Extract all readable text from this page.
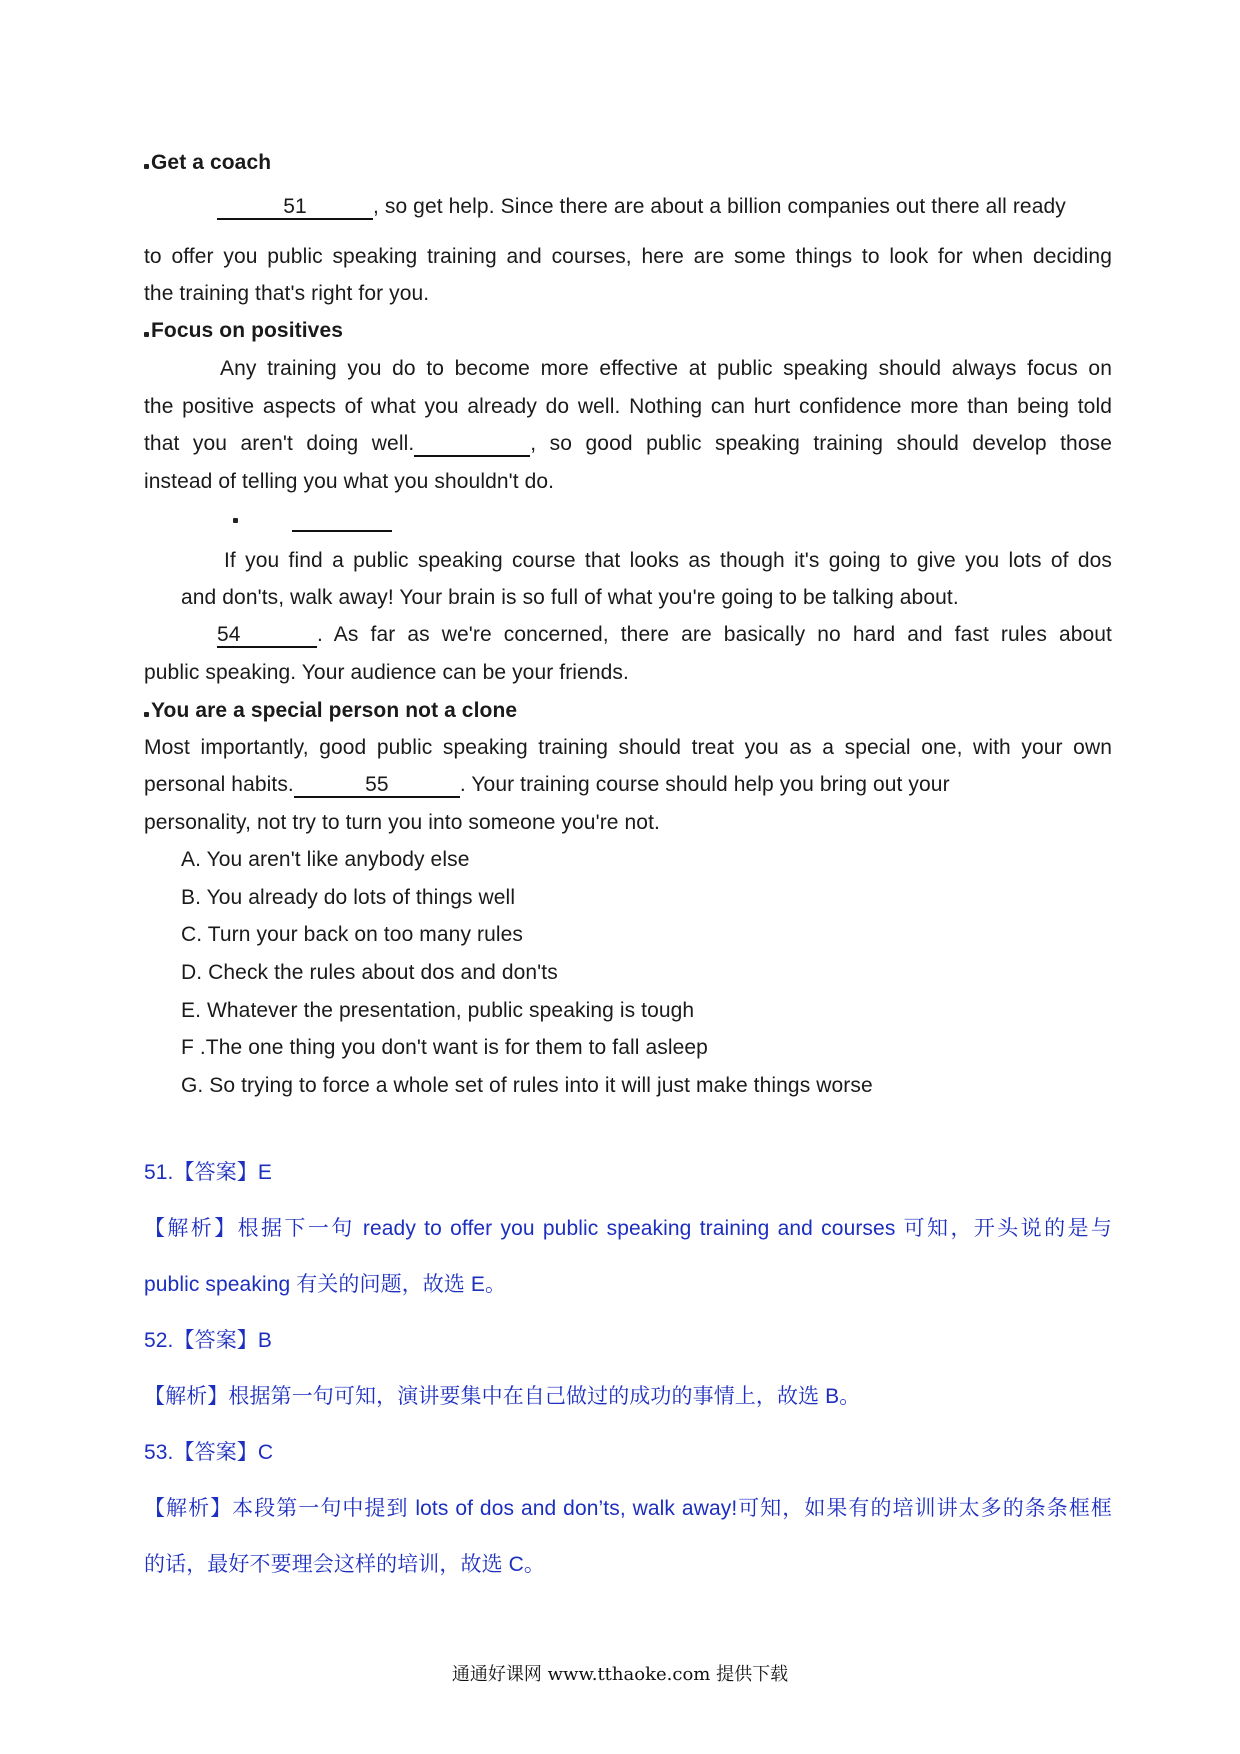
Get a coach
51	, so get help. Since there are about a billion companies out there all ready
to offer you public speaking training and courses, here are some things to look for when deciding
the training that's right for you.
Focus on positives
Any training you do to become more effective at public speaking should always focus on
the positive aspects of what you already do well. Nothing can hurt confidence more than being told
that you aren't doing well.	, so good public speaking training should develop those
instead of telling you what you shouldn't do.

If you find a public speaking course that looks as though it's going to give you lots of dos
and don'ts, walk away! Your brain is so full of what you're going to be talking about.
54	. As far as we're concerned, there are basically no hard and fast rules about
public speaking. Your audience can be your friends.
You are a special person not a clone
Most importantly, good public speaking training should treat you as a special one, with your own
personal habits.	55	. Your training course should help you bring out your
personality, not try to turn you into someone you're not.
A. You aren't like anybody else
B. You already do lots of things well
C. Turn your back on too many rules
D. Check the rules about dos and don'ts
E. Whatever the presentation, public speaking is tough
F .The one thing you don't want is for them to fall asleep
G. So trying to force a whole set of rules into it will just make things worse
51.【答案】E
【解析】根据下一句 ready to offer you public speaking training and courses 可知，开头说的是与
public speaking 有关的问题，故选 E。
52.【答案】B
【解析】根据第一句可知，演讲要集中在自己做过的成功的事情上，故选 B。
53.【答案】C
【解析】本段第一句中提到 lots of dos and don’ts, walk away!可知，如果有的培训讲太多的条条框框
的话，最好不要理会这样的培训，故选 C。
通通好课网 www.tthaoke.com 提供下载
